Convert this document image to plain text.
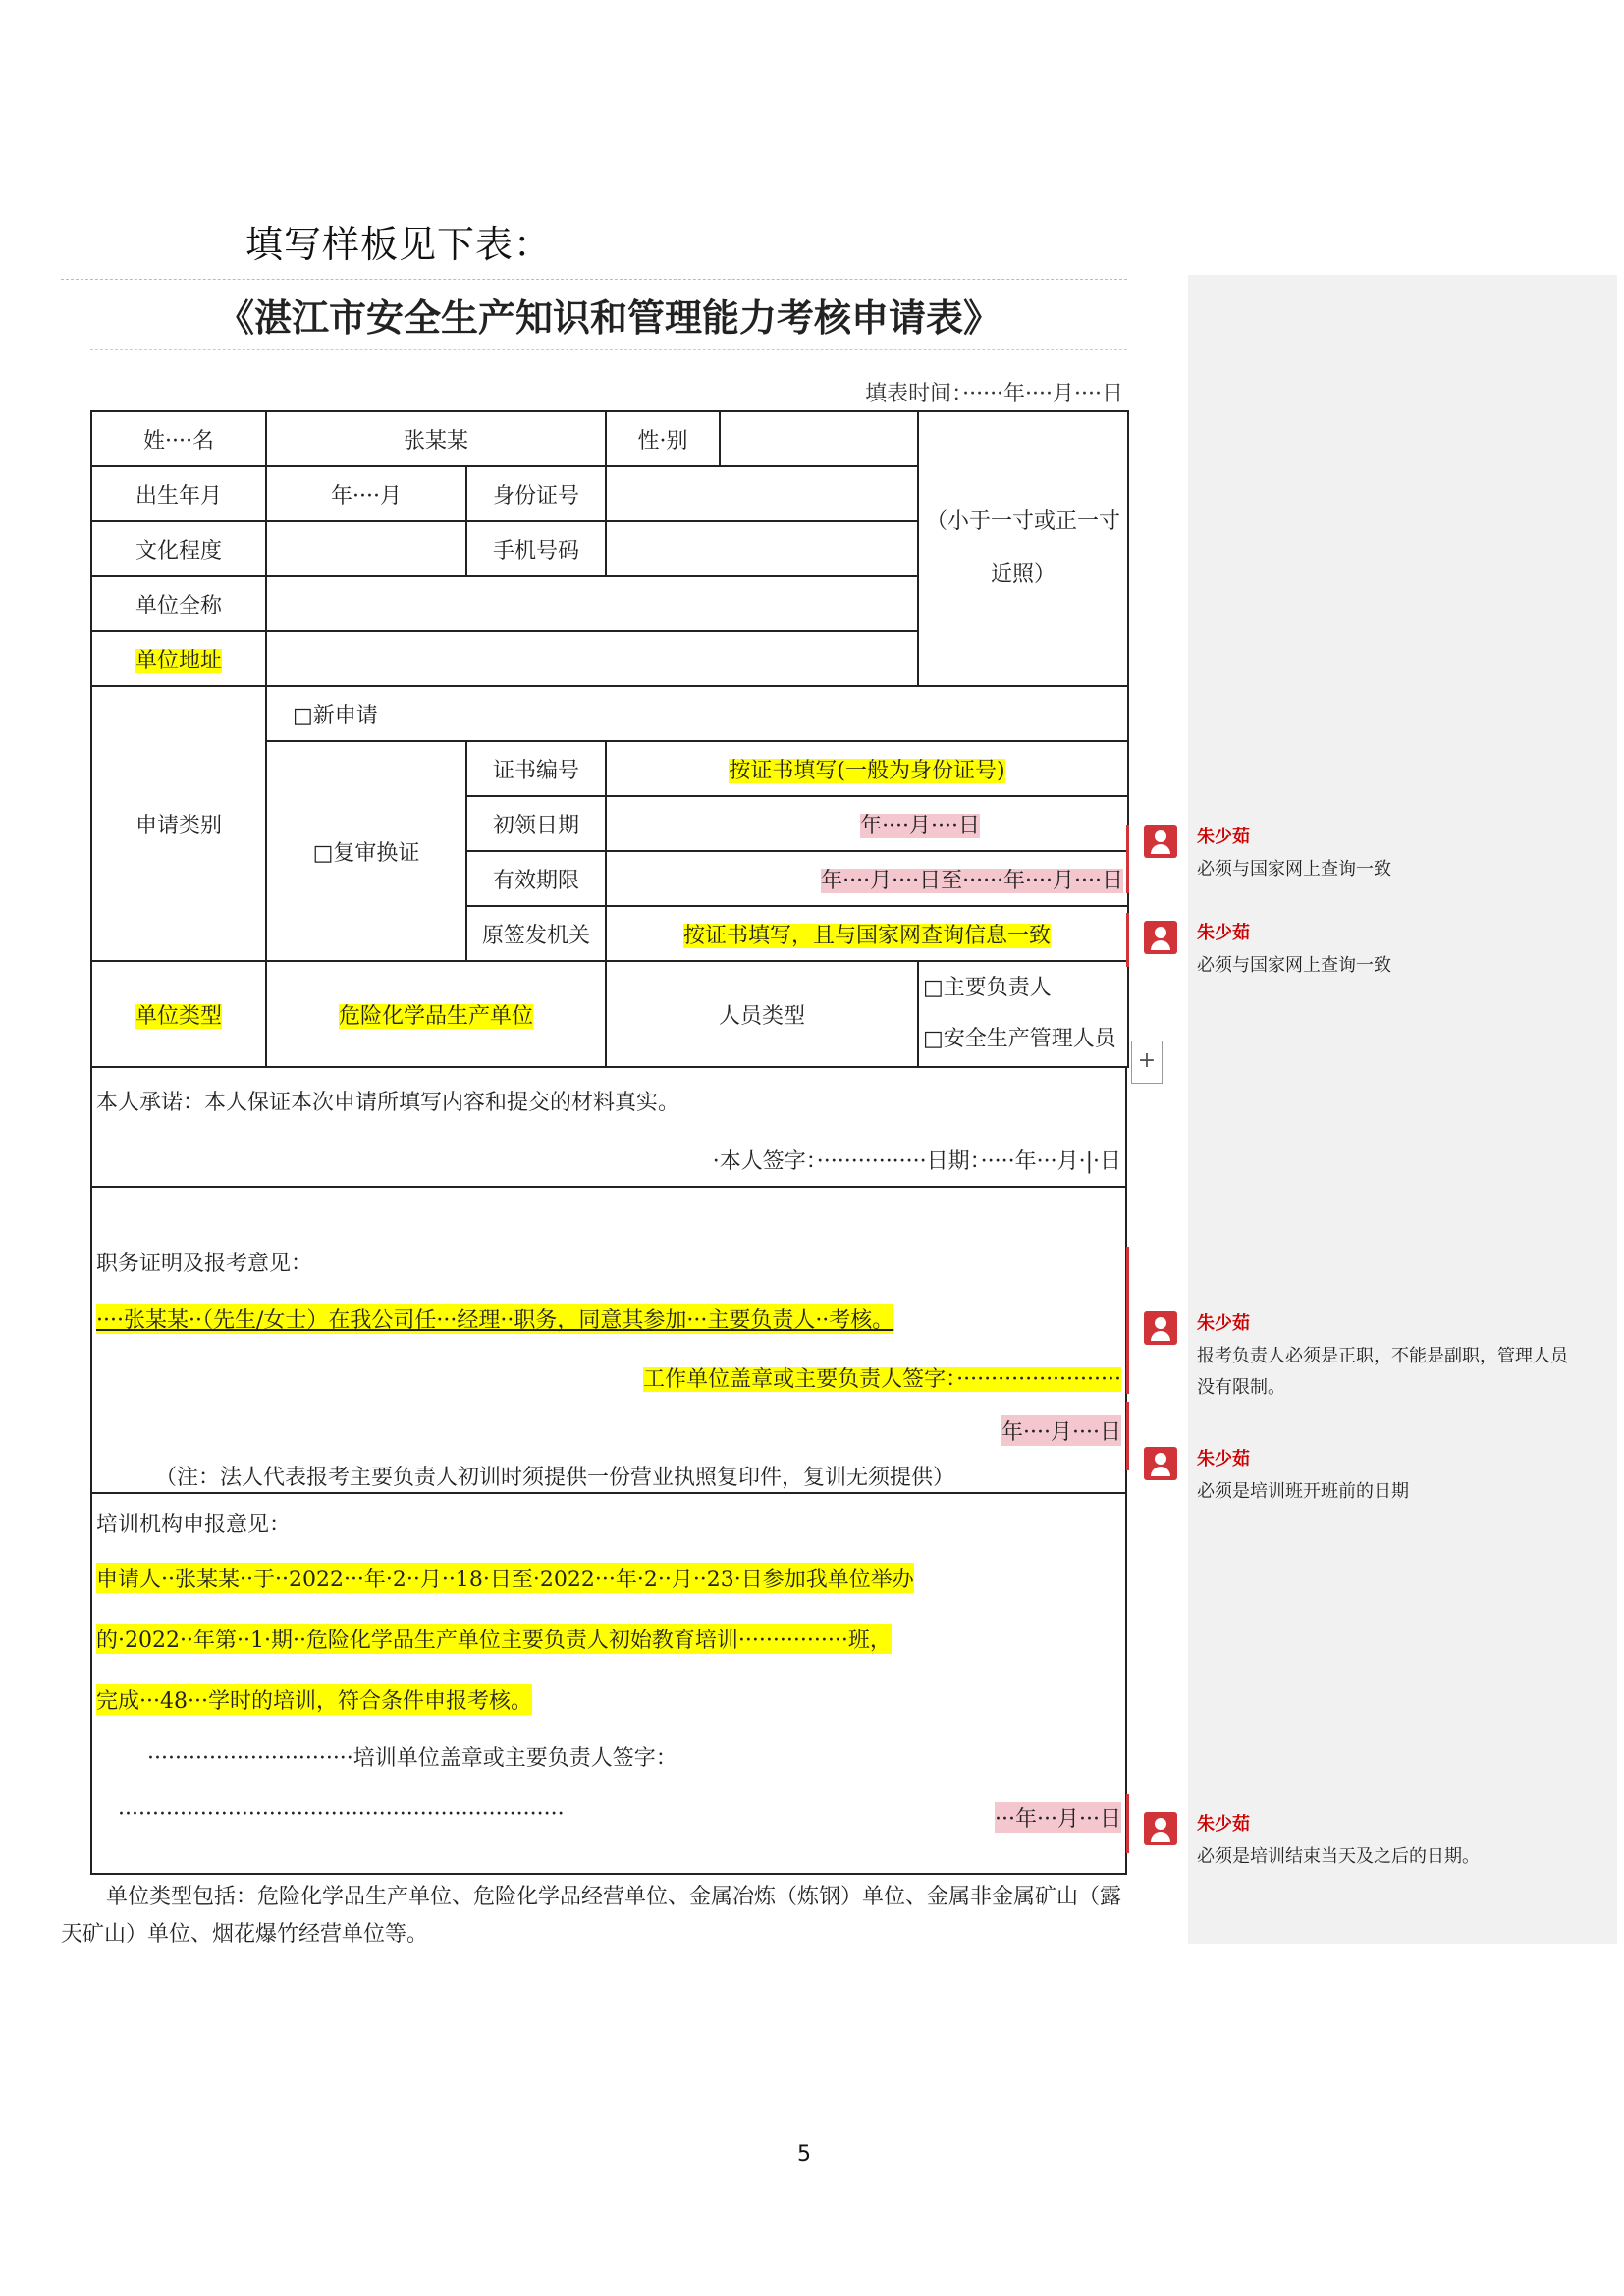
填写样板见下表：
《湛江市安全生产知识和管理能力考核申请表》
填表时间：······年····月····日
姓····名	张某某		性·别		（小于一寸或正一寸近照）
出生年月	年····月	身份证号			
文化程度		手机号码			
单位全称					
单位地址					
申请类别	□新申请				
	□复审换证	证书编号	按证书填写(一般为身份证号)		
		初领日期	年····月····日		
		有效期限	年····月····日至······年····月····日		
		原签发机关	按证书填写，且与国家网查询信息一致		
单位类型	危险化学品生产单位		人员类型		□主要负责人
□安全生产管理人员
本人承诺：本人保证本次申请所填写内容和提交的材料真实。
·本人签字：················日期：·····年···月·|·日
职务证明及报考意见：
····张某某··（先生/女士）在我公司任···经理··职务，同意其参加···主要负责人··考核。
工作单位盖章或主要负责人签字：························
年····月····日
（注：法人代表报考主要负责人初训时须提供一份营业执照复印件，复训无须提供）
培训机构申报意见：
申请人··张某某··于··2022···年·2··月··18·日至·2022···年·2··月··23·日参加我单位举办
的·2022··年第··1·期··危险化学品生产单位主要负责人初始教育培训················班，
完成···48···学时的培训，符合条件申报考核。
······························培训单位盖章或主要负责人签字：
·································································	···年···月···日
单位类型包括：危险化学品生产单位、危险化学品经营单位、金属冶炼（炼钢）单位、金属非金属矿山（露天矿山）单位、烟花爆竹经营单位等。
+
朱少茹
必须与国家网上查询一致
朱少茹
必须与国家网上查询一致
朱少茹
报考负责人必须是正职，不能是副职，管理人员没有限制。
朱少茹
必须是培训班开班前的日期
朱少茹
必须是培训结束当天及之后的日期。
5
